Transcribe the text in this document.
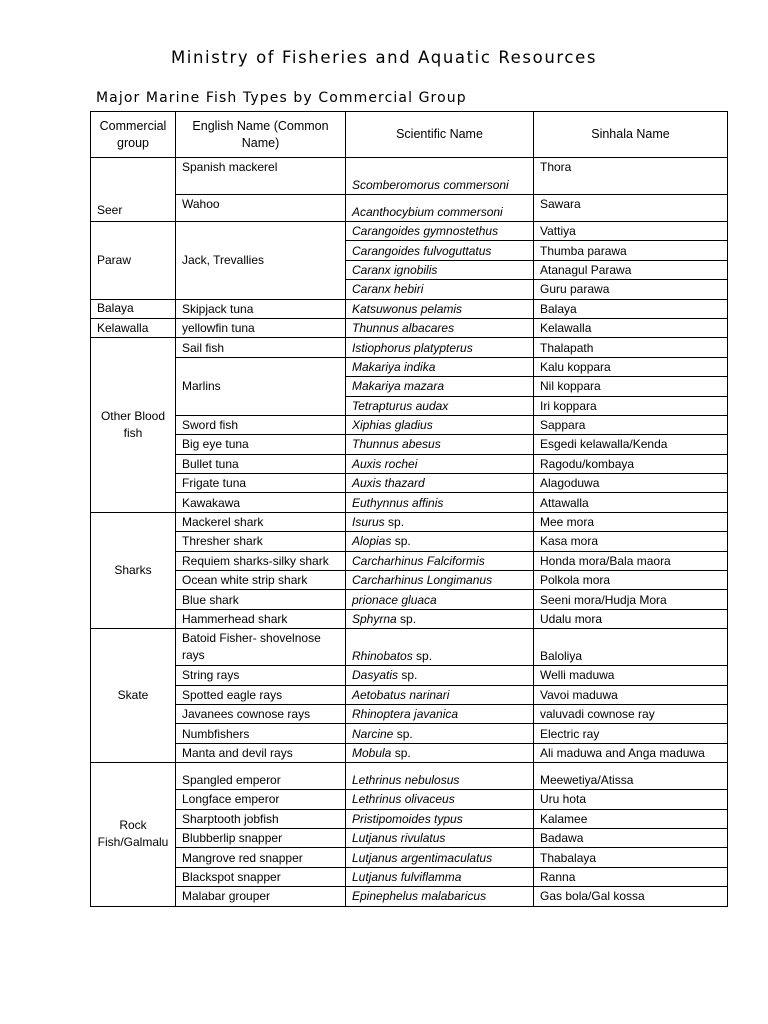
Ministry of Fisheries and Aquatic Resources
Major Marine Fish Types by Commercial Group
Commercial group	English Name (Common Name)	Scientific Name	Sinhala Name
Seer	Spanish mackerel	Scomberomorus commersoni	Thora
	Wahoo	Acanthocybium commersoni	Sawara
Paraw	Jack, Trevallies	Carangoides gymnostethus	Vattiya
		Carangoides fulvoguttatus	Thumba parawa
		Caranx ignobilis	Atanagul Parawa
		Caranx hebiri	Guru parawa
Balaya	Skipjack tuna	Katsuwonus pelamis	Balaya
Kelawalla	yellowfin tuna	Thunnus albacares	Kelawalla
Other Blood fish	Sail fish	Istiophorus platypterus	Thalapath
	Marlins	Makariya indika	Kalu koppara
		Makariya mazara	Nil koppara
		Tetrapturus audax	Iri koppara
	Sword fish	Xiphias gladius	Sappara
	Big eye tuna	Thunnus abesus	Esgedi kelawalla/Kenda
	Bullet tuna	Auxis rochei	Ragodu/kombaya
	Frigate tuna	Auxis thazard	Alagoduwa
	Kawakawa	Euthynnus affinis	Attawalla
Sharks	Mackerel shark	Isurus sp.	Mee mora
	Thresher shark	Alopias sp.	Kasa mora
	Requiem sharks-silky shark	Carcharhinus Falciformis	Honda mora/Bala maora
	Ocean white strip shark	Carcharhinus Longimanus	Polkola mora
	Blue shark	prionace gluaca	Seeni mora/Hudja Mora
	Hammerhead shark	Sphyrna sp.	Udalu mora
Skate	Batoid Fisher- shovelnose rays	Rhinobatos sp.	Baloliya
	String rays	Dasyatis sp.	Welli maduwa
	Spotted eagle rays	Aetobatus narinari	Vavoi maduwa
	Javanees cownose rays	Rhinoptera javanica	valuvadi cownose ray
	Numbfishers	Narcine sp.	Electric ray
	Manta and devil rays	Mobula sp.	Ali maduwa and Anga maduwa
Rock Fish/Galmalu	Spangled emperor	Lethrinus nebulosus	Meewetiya/Atissa
	Longface emperor	Lethrinus olivaceus	Uru hota
	Sharptooth jobfish	Pristipomoides typus	Kalamee
	Blubberlip snapper	Lutjanus rivulatus	Badawa
	Mangrove red snapper	Lutjanus argentimaculatus	Thabalaya
	Blackspot snapper	Lutjanus fulviflamma	Ranna
	Malabar grouper	Epinephelus malabaricus	Gas bola/Gal kossa
